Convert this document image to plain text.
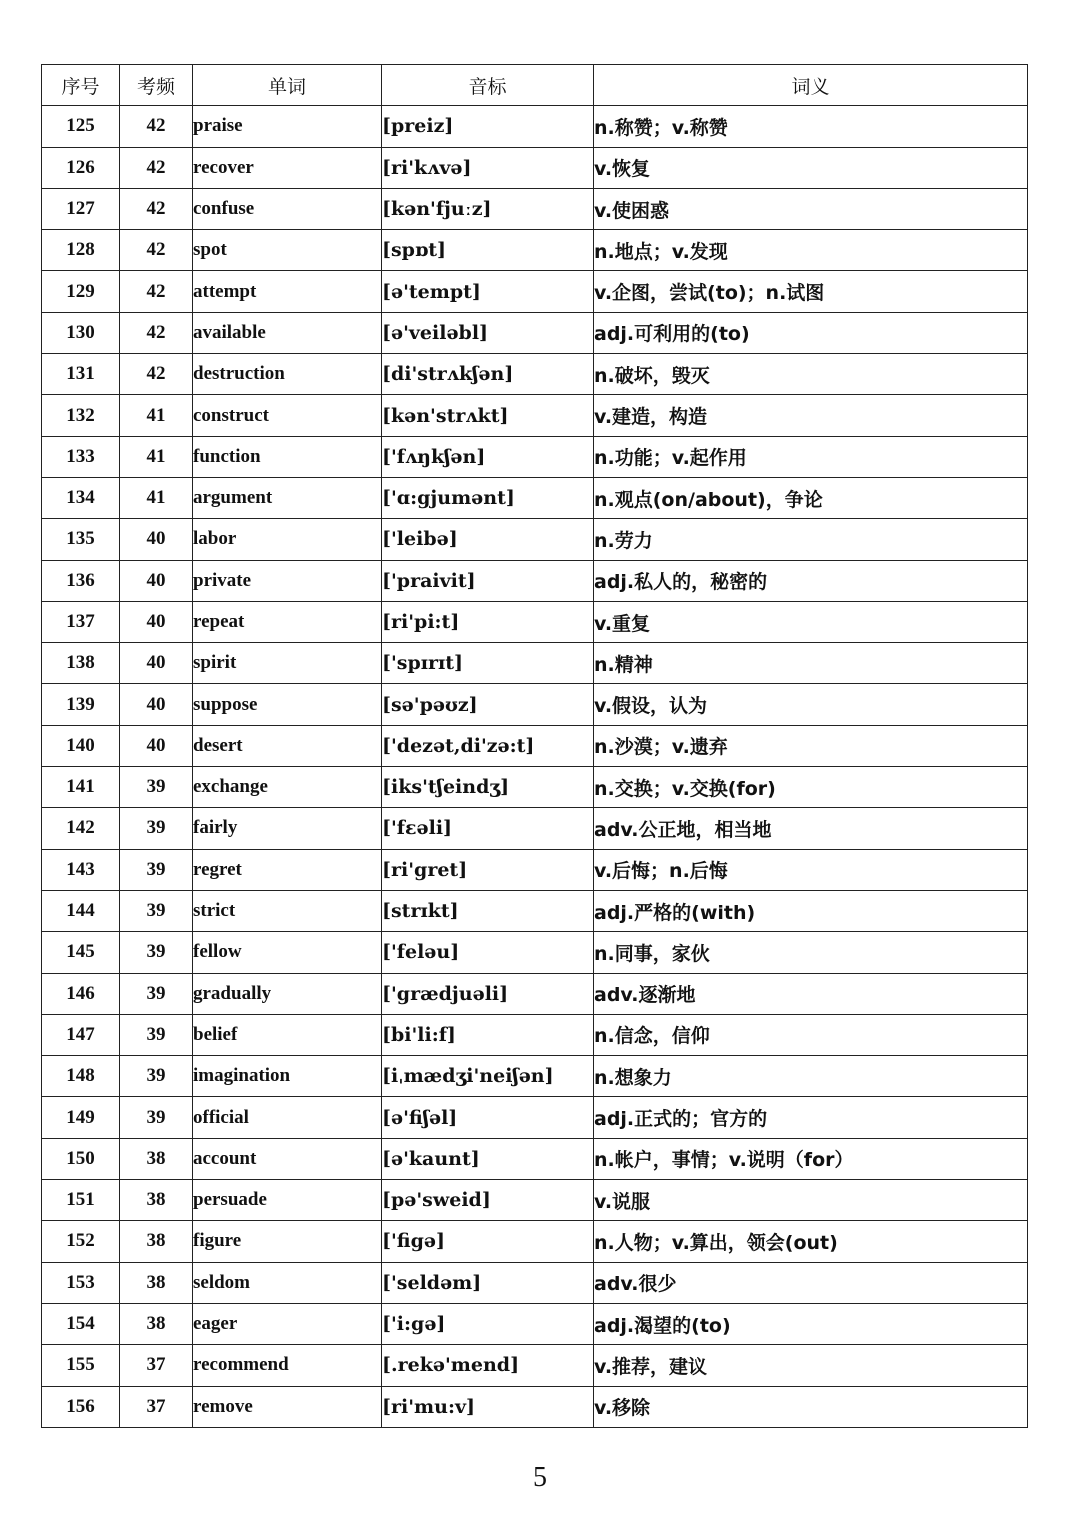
序号	考频	单词	音标	词义
125	42	praise	[preiz]	n.称赞；v.称赞
126	42	recover	[ri'kʌvə]	v.恢复
127	42	confuse	[kən'fjuːz]	v.使困惑
128	42	spot	[spɒt]	n.地点；v.发现
129	42	attempt	[ə'tempt]	v.企图，尝试(to)；n.试图
130	42	available	[ə'veiləbl]	adj.可利用的(to)
131	42	destruction	[di'strʌkʃən]	n.破坏，毁灭
132	41	construct	[kən'strʌkt]	v.建造，构造
133	41	function	['fʌŋkʃən]	n.功能；v.起作用
134	41	argument	['ɑ:gjumənt]	n.观点(on/about)，争论
135	40	labor	['leibə]	n.劳力
136	40	private	['praivit]	adj.私人的，秘密的
137	40	repeat	[ri'pi:t]	v.重复
138	40	spirit	['spɪrɪt]	n.精神
139	40	suppose	[sə'pəʊz]	v.假设，认为
140	40	desert	['dezət,di'zə:t]	n.沙漠；v.遗弃
141	39	exchange	[iks'tʃeindʒ]	n.交换；v.交换(for)
142	39	fairly	['fεəli]	adv.公正地，相当地
143	39	regret	[ri'gret]	v.后悔；n.后悔
144	39	strict	[strɪkt]	adj.严格的(with)
145	39	fellow	['feləu]	n.同事，家伙
146	39	gradually	['grædjuəli]	adv.逐渐地
147	39	belief	[bi'li:f]	n.信念，信仰
148	39	imagination	[iˌmædʒi'neiʃən]	n.想象力
149	39	official	[ə'fiʃəl]	adj.正式的；官方的
150	38	account	[ə'kaunt]	n.帐户，事情；v.说明（for）
151	38	persuade	[pə'sweid]	v.说服
152	38	figure	['figə]	n.人物；v.算出，领会(out)
153	38	seldom	['seldəm]	adv.很少
154	38	eager	['i:gə]	adj.渴望的(to)
155	37	recommend	[.rekə'mend]	v.推荐，建议
156	37	remove	[ri'mu:v]	v.移除
5
